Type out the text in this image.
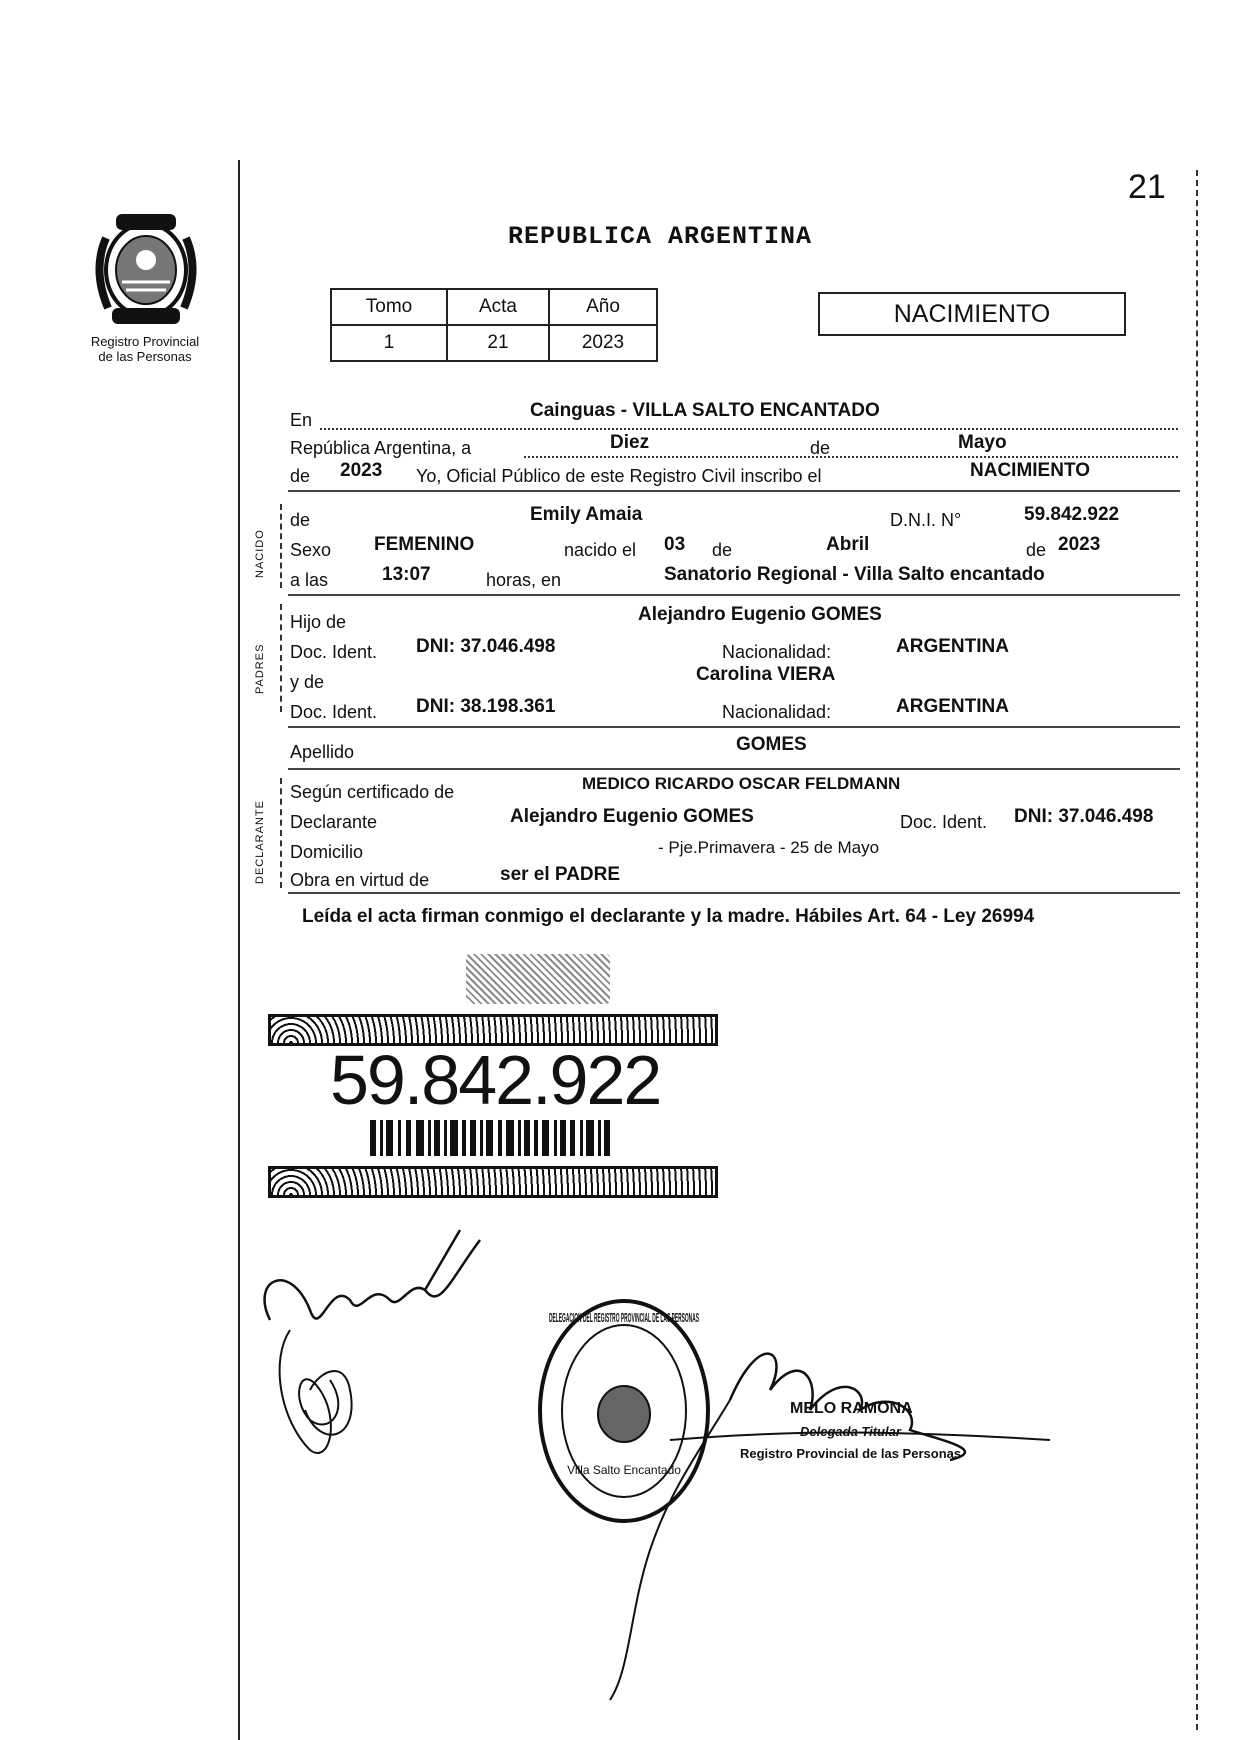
21
Registro Provincial
de las Personas
REPUBLICA ARGENTINA
Tomo	Acta	Año
1	21	2023
NACIMIENTO
En	Cainguas - VILLA SALTO ENCANTADO
República Argentina, a	Diez	de	Mayo
de 2023 Yo, Oficial Público de este Registro Civil inscribo el	NACIMIENTO
NACIDO
de	Emily Amaia	D.N.I. N°	59.842.922
Sexo FEMENINO	nacido el 03 de	Abril	de 2023
a las	13:07	horas, en	Sanatorio Regional - Villa Salto encantado
PADRES
Hijo de	Alejandro Eugenio GOMES
Doc. Ident. DNI: 37.046.498	Nacionalidad:	ARGENTINA
y de	Carolina VIERA
Doc. Ident. DNI: 38.198.361	Nacionalidad:	ARGENTINA
Apellido	GOMES
DECLARANTE
Según certificado de	MEDICO RICARDO OSCAR FELDMANN
Declarante	Alejandro Eugenio GOMES	Doc. Ident. DNI: 37.046.498
Domicilio	- Pje.Primavera - 25 de Mayo
Obra en virtud de	ser el PADRE
Leída el acta firman conmigo el declarante y la madre. Hábiles Art. 64 - Ley 26994
59.842.922
DELEGACION DEL REGISTRO PROVINCIAL DE LAS PERSONAS
Villa Salto Encantado
MELO RAMONA
Delegada Titular
Registro Provincial de las Personas
